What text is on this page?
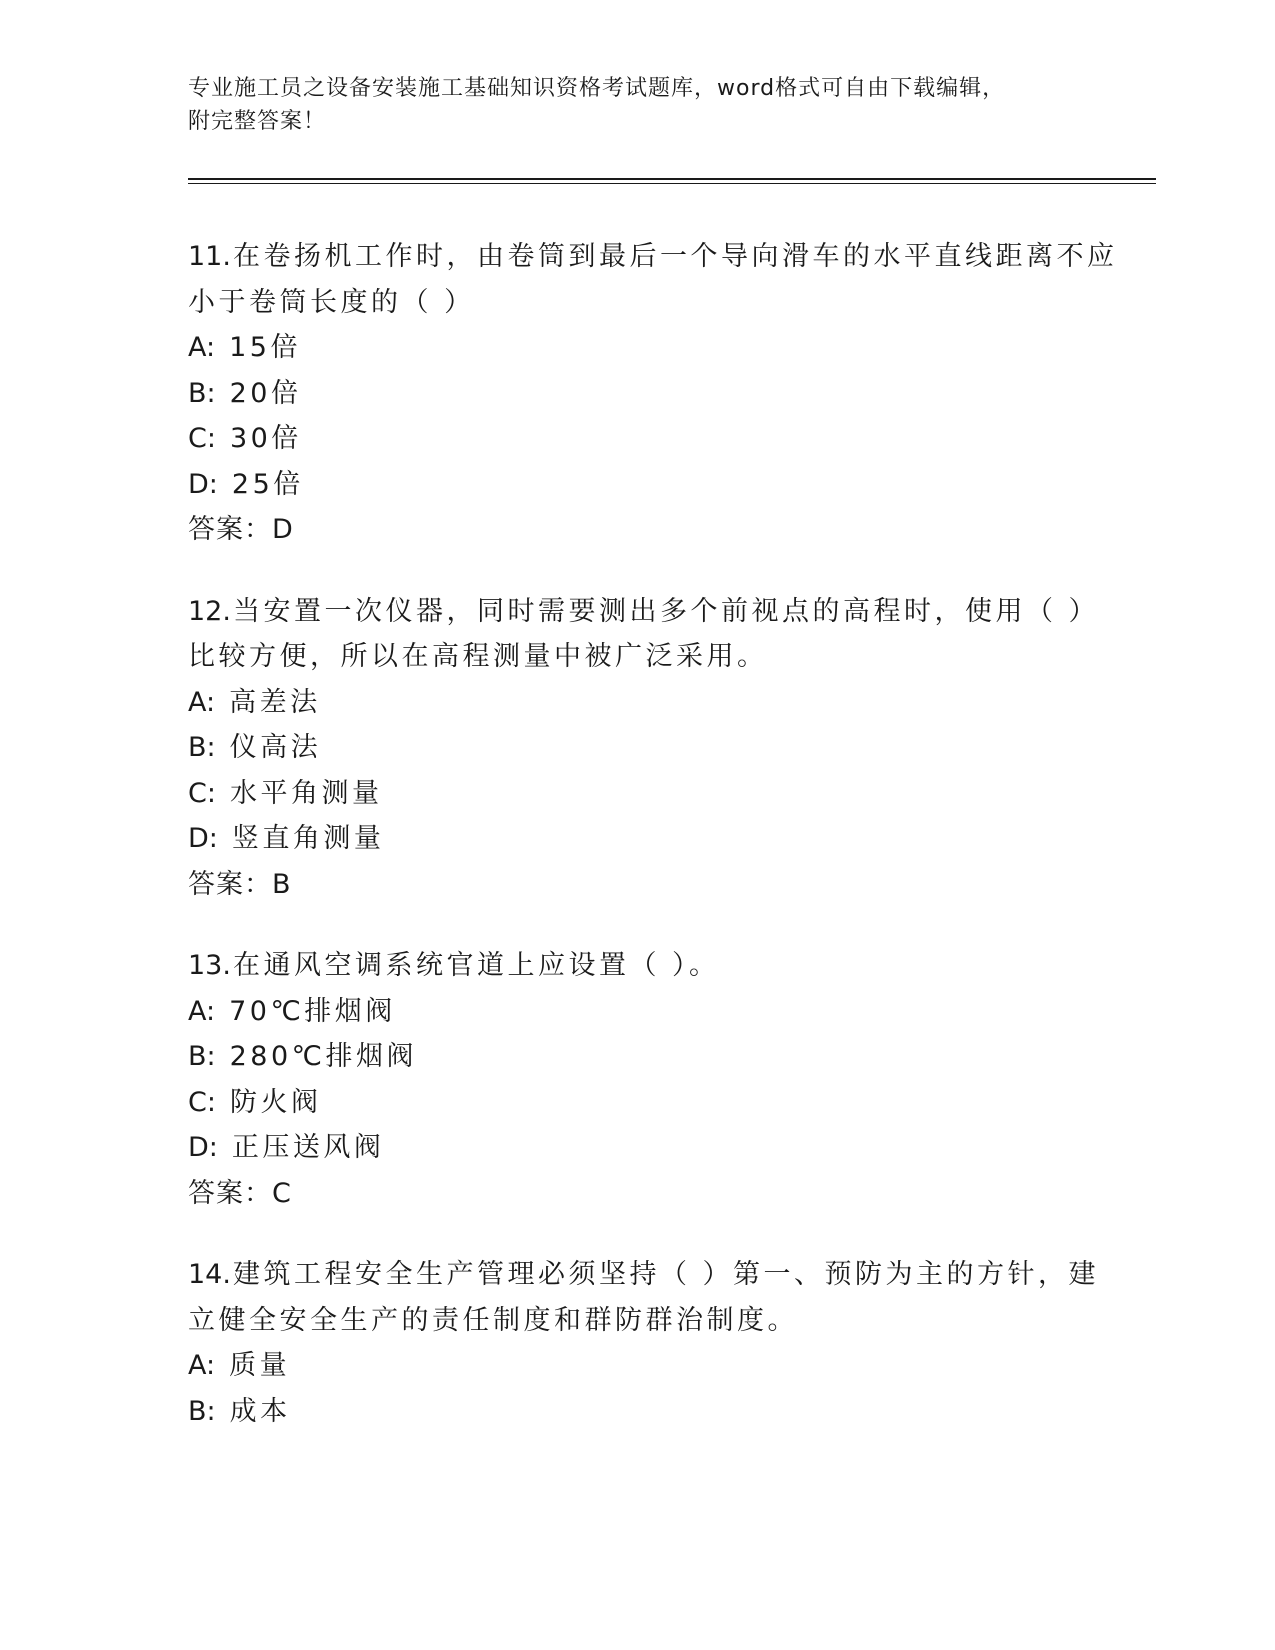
专业施工员之设备安装施工基础知识资格考试题库，word格式可自由下载编辑，
附完整答案！
11.在卷扬机工作时，由卷筒到最后一个导向滑车的水平直线距离不应
小于卷筒长度的（ ）
A: 15倍
B: 20倍
C: 30倍
D: 25倍
答案：D
12.当安置一次仪器，同时需要测出多个前视点的高程时，使用（ ）
比较方便，所以在高程测量中被广泛采用。
A: 高差法
B: 仪高法
C: 水平角测量
D: 竖直角测量
答案：B
13.在通风空调系统官道上应设置（ ）。
A: 70℃排烟阀
B: 280℃排烟阀
C: 防火阀
D: 正压送风阀
答案：C
14.建筑工程安全生产管理必须坚持（ ）第一、预防为主的方针，建
立健全安全生产的责任制度和群防群治制度。
A: 质量
B: 成本
